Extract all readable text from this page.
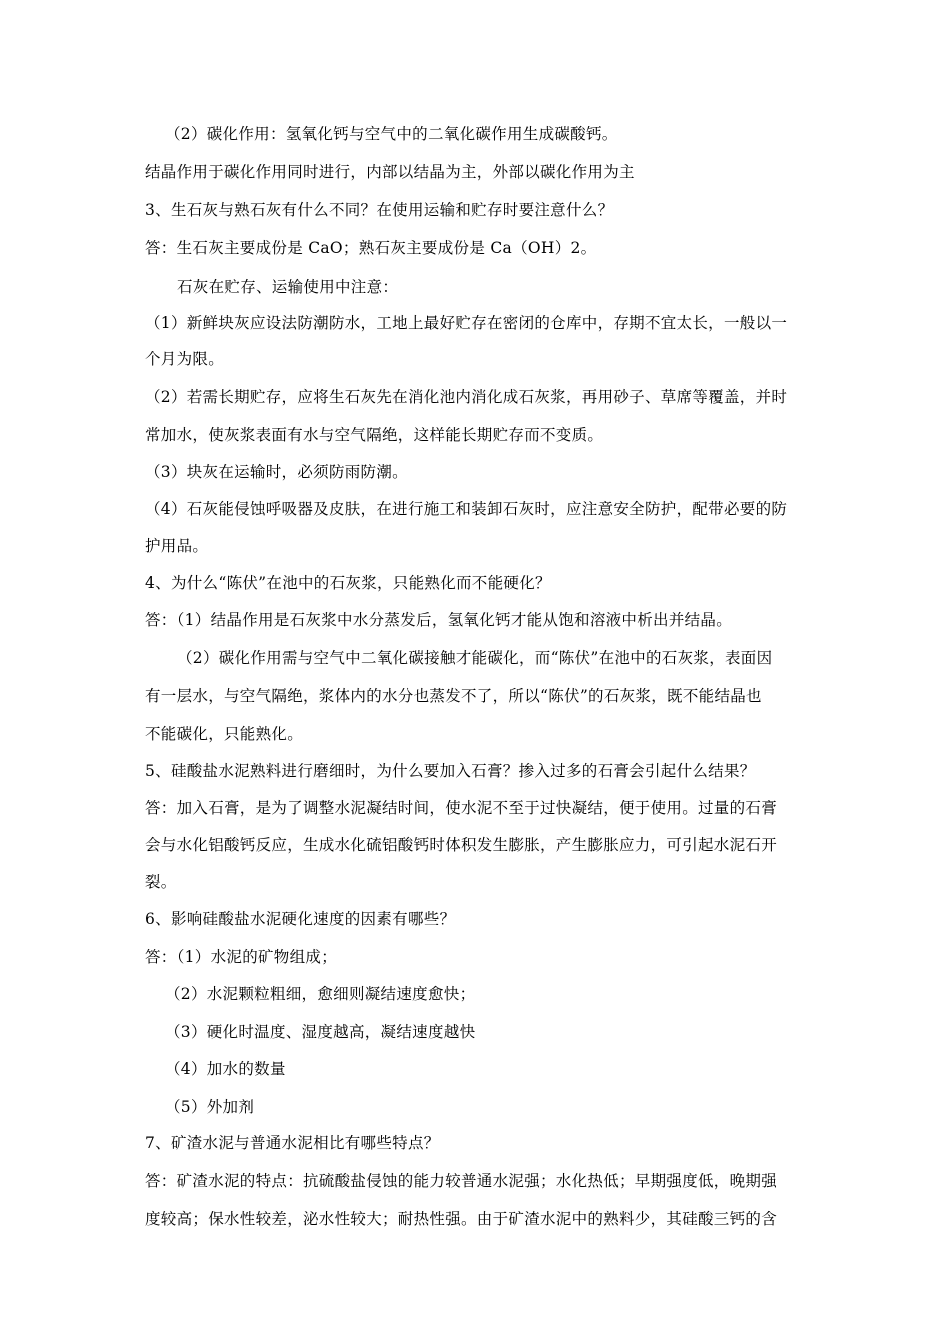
（2）碳化作用：氢氧化钙与空气中的二氧化碳作用生成碳酸钙。
结晶作用于碳化作用同时进行，内部以结晶为主，外部以碳化作用为主
3、生石灰与熟石灰有什么不同？在使用运输和贮存时要注意什么？
答：生石灰主要成份是 CaO；熟石灰主要成份是 Ca（OH）2。
石灰在贮存、运输使用中注意：
（1）新鲜块灰应设法防潮防水，工地上最好贮存在密闭的仓库中，存期不宜太长，一般以一
个月为限。
（2）若需长期贮存，应将生石灰先在消化池内消化成石灰浆，再用砂子、草席等覆盖，并时
常加水，使灰浆表面有水与空气隔绝，这样能长期贮存而不变质。
（3）块灰在运输时，必须防雨防潮。
（4）石灰能侵蚀呼吸器及皮肤，在进行施工和装卸石灰时，应注意安全防护，配带必要的防
护用品。
4、为什么“陈伏”在池中的石灰浆，只能熟化而不能硬化？
答：（1）结晶作用是石灰浆中水分蒸发后，氢氧化钙才能从饱和溶液中析出并结晶。
（2）碳化作用需与空气中二氧化碳接触才能碳化，而“陈伏”在池中的石灰浆，表面因
有一层水，与空气隔绝，浆体内的水分也蒸发不了，所以“陈伏”的石灰浆，既不能结晶也
不能碳化，只能熟化。
5、硅酸盐水泥熟料进行磨细时，为什么要加入石膏？掺入过多的石膏会引起什么结果？
答：加入石膏，是为了调整水泥凝结时间，使水泥不至于过快凝结，便于使用。过量的石膏
会与水化铝酸钙反应，生成水化硫铝酸钙时体积发生膨胀，产生膨胀应力，可引起水泥石开
裂。
6、影响硅酸盐水泥硬化速度的因素有哪些？
答：（1）水泥的矿物组成；
（2）水泥颗粒粗细，愈细则凝结速度愈快；
（3）硬化时温度、湿度越高，凝结速度越快
（4）加水的数量
（5）外加剂
7、矿渣水泥与普通水泥相比有哪些特点？
答：矿渣水泥的特点：抗硫酸盐侵蚀的能力较普通水泥强；水化热低；早期强度低，晚期强
度较高；保水性较差，泌水性较大；耐热性强。由于矿渣水泥中的熟料少，其硅酸三钙的含
